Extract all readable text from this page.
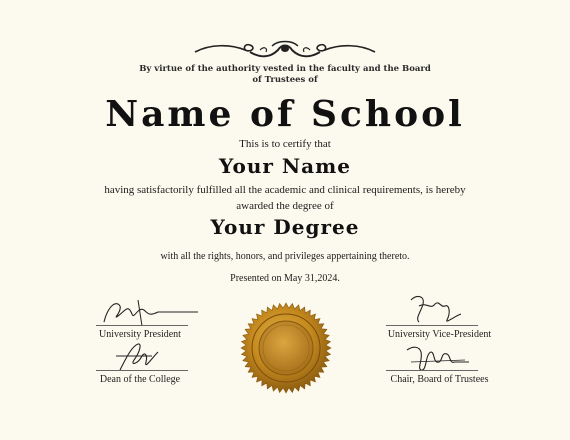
By virtue of the authority vested in the faculty and the Board of Trustees of
Name of School
This is to certify that
Your Name
having satisfactorily fulfilled all the academic and clinical requirements, is hereby awarded the degree of
Your Degree
with all the rights, honors, and privileges appertaining thereto.
Presented on May 31,2024.
University President
Dean of the College
University Vice-President
Chair, Board of Trustees
